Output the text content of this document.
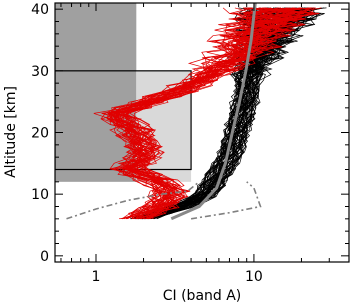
1	10
0
10
20
30
40
CI (band A)
Altitude [km]
